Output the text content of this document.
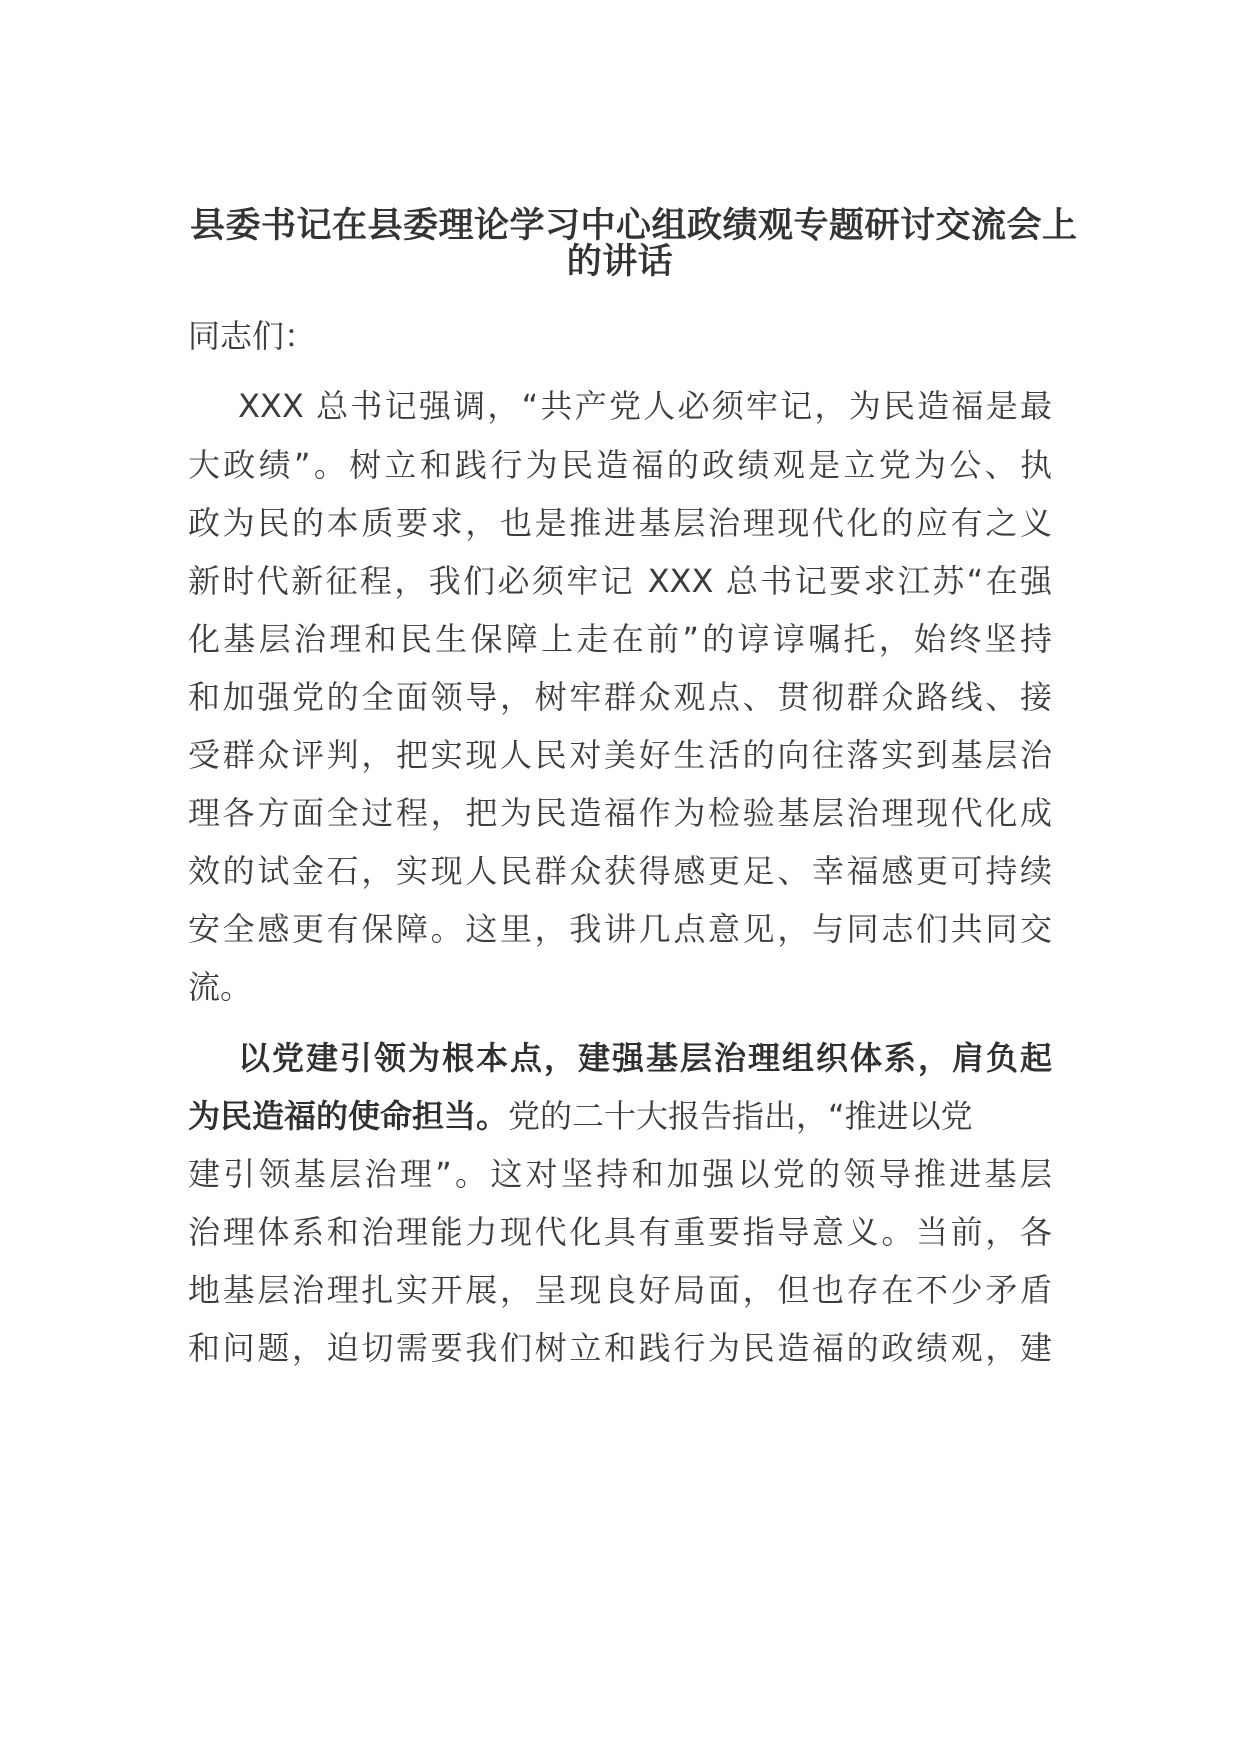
县委书记在县委理论学习中心组政绩观专题研讨交流会上
的讲话
同志们：
XXX 总书记强调，“共产党人必须牢记，为民造福是最
大政绩”。树立和践行为民造福的政绩观是立党为公、执
政为民的本质要求，也是推进基层治理现代化的应有之义
新时代新征程，我们必须牢记 XXX 总书记要求江苏“在强
化基层治理和民生保障上走在前”的谆谆嘱托，始终坚持
和加强党的全面领导，树牢群众观点、贯彻群众路线、接
受群众评判，把实现人民对美好生活的向往落实到基层治
理各方面全过程，把为民造福作为检验基层治理现代化成
效的试金石，实现人民群众获得感更足、幸福感更可持续
安全感更有保障。这里，我讲几点意见，与同志们共同交
流。
以党建引领为根本点，建强基层治理组织体系，肩负起
为民造福的使命担当。党的二十大报告指出，“推进以党
建引领基层治理”。这对坚持和加强以党的领导推进基层
治理体系和治理能力现代化具有重要指导意义。当前，各
地基层治理扎实开展，呈现良好局面，但也存在不少矛盾
和问题，迫切需要我们树立和践行为民造福的政绩观，建
